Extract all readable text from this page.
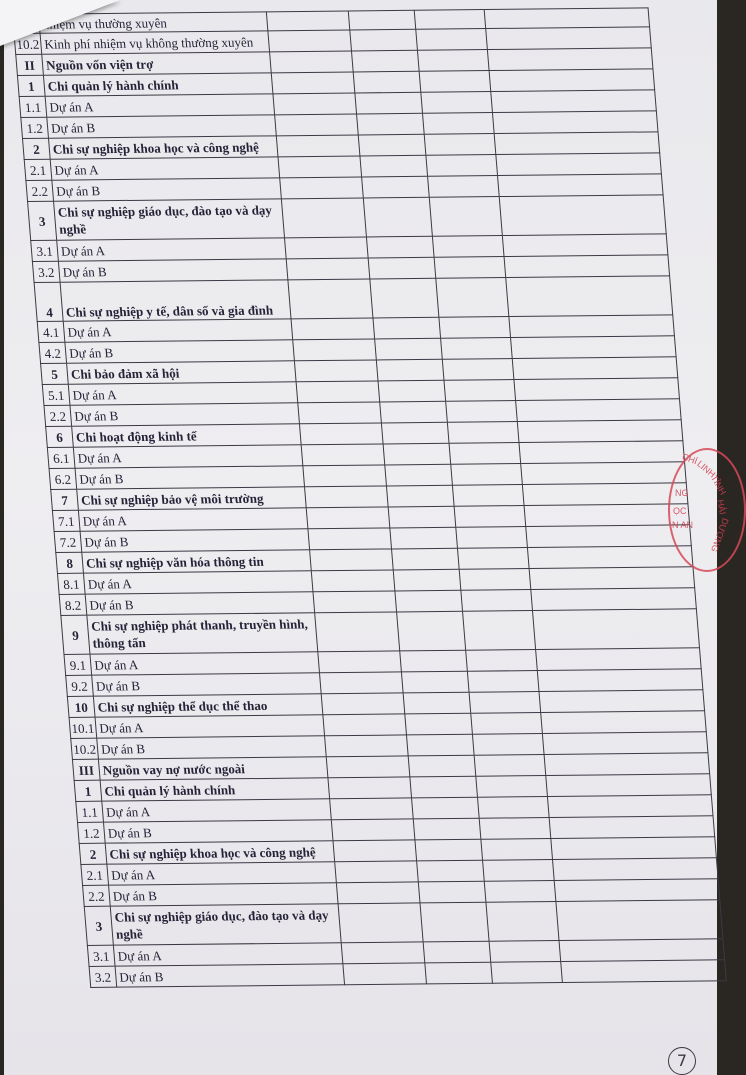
	nhiệm vụ thường xuyên				
10.2	Kinh phí nhiệm vụ không thường xuyên				
II	Nguồn vốn viện trợ				
1	Chi quản lý hành chính				
1.1	Dự án A				
1.2	Dự án B				
2	Chi sự nghiệp khoa học và công nghệ				
2.1	Dự án A				
2.2	Dự án B				
3	Chi sự nghiệp giáo dục, đào tạo và dạy nghề				
3.1	Dự án A				
3.2	Dự án B				
4	Chi sự nghiệp y tế, dân số và gia đình				
4.1	Dự án A				
4.2	Dự án B				
5	Chi bảo đảm xã hội				
5.1	Dự án A				
2.2	Dự án B				
6	Chi hoạt động kinh tế				
6.1	Dự án A				
6.2	Dự án B				
7	Chi sự nghiệp bảo vệ môi trường				
7.1	Dự án A				
7.2	Dự án B				
8	Chi sự nghiệp văn hóa thông tin				
8.1	Dự án A				
8.2	Dự án B				
9	Chi sự nghiệp phát thanh, truyền hình, thông tấn				
9.1	Dự án A				
9.2	Dự án B				
10	Chi sự nghiệp thể dục thể thao				
10.1	Dự án A				
10.2	Dự án B				
III	Nguồn vay nợ nước ngoài				
1	Chi quản lý hành chính				
1.1	Dự án A				
1.2	Dự án B				
2	Chi sự nghiệp khoa học và công nghệ				
2.1	Dự án A				
2.2	Dự án B				
3	Chi sự nghiệp giáo dục, đào tạo và dạy nghề				
3.1	Dự án A				
3.2	Dự án B				
CHÍ
LINH
TỈNH
HẢI
DƯƠNG
NG
ỌC
N AN
7
